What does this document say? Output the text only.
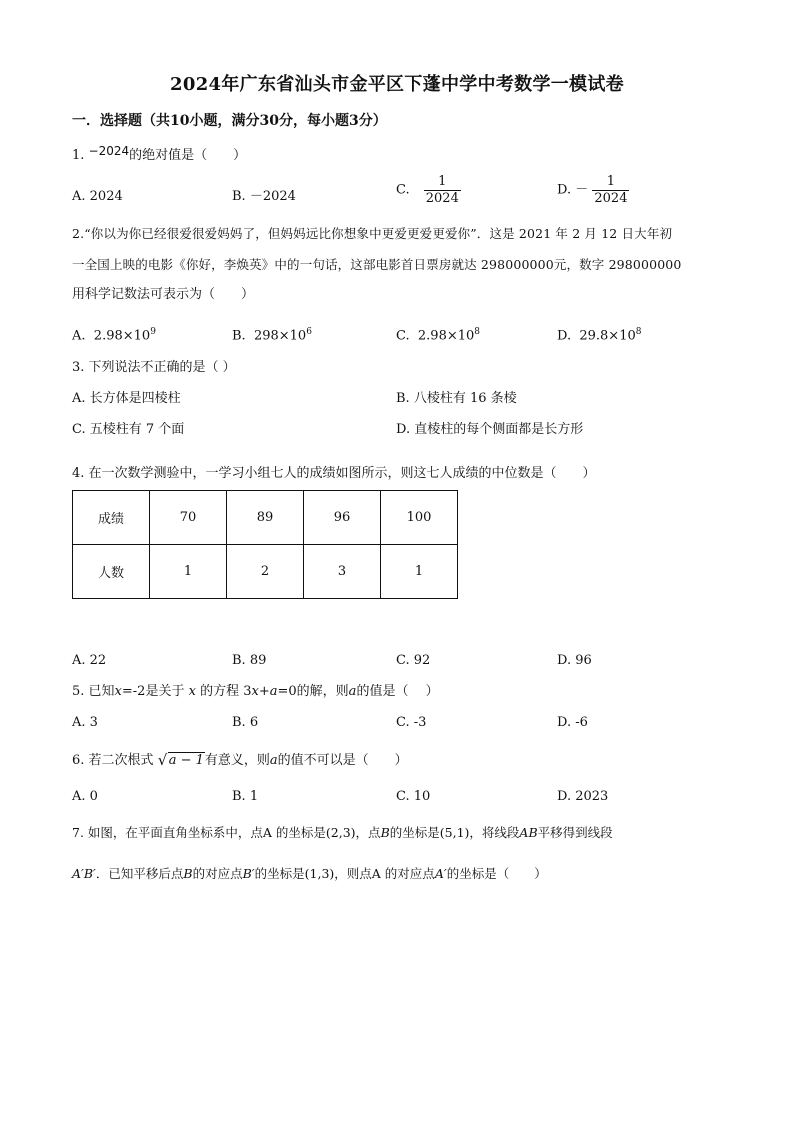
2024年广东省汕头市金平区下蓬中学中考数学一模试卷
一．选择题（共10小题，满分30分，每小题3分）
1. −2024的绝对值是（　　）
A. 2024	B. －2024	C. $\frac{1}{2024}$	D. － $\frac{1}{2024}$
2.“你以为你已经很爱很爱妈妈了，但妈妈远比你想象中更爱更爱更爱你”．这是 2021 年 2 月 12 日大年初
一全国上映的电影《你好，李焕英》中的一句话，这部电影首日票房就达 298000000元，数字 298000000
用科学记数法可表示为（　　）
A. $2.98\times 10^9$	B. $298\times 10^6$	C. $2.98\times 10^8$	D. $29.8\times 10^8$
3. 下列说法不正确的是（ ）
A. 长方体是四棱柱	B. 八棱柱有 16 条棱
C. 五棱柱有 7 个面	D. 直棱柱的每个侧面都是长方形
4. 在一次数学测验中，一学习小组七人的成绩如图所示，则这七人成绩的中位数是（　　）
成绩	70	89	96	100
人数	1	2	3	1
A. 22	B. 89	C. 92	D. 96
5. 已知x=-2是关于 x 的方程 3x+a=0的解，则a的值是（　 ）
A. 3	B. 6	C. -3	D. -6
6. 若二次根式 √ a − 1有意义，则a的值不可以是（　　）
A. 0	B. 1	C. 10	D. 2023
7. 如图，在平面直角坐标系中，点A 的坐标是(2,3)，点B的坐标是(5,1)，将线段AB平移得到线段
A′B′．已知平移后点B的对应点B′的坐标是(1,3)，则点A 的对应点A′的坐标是（　　）
